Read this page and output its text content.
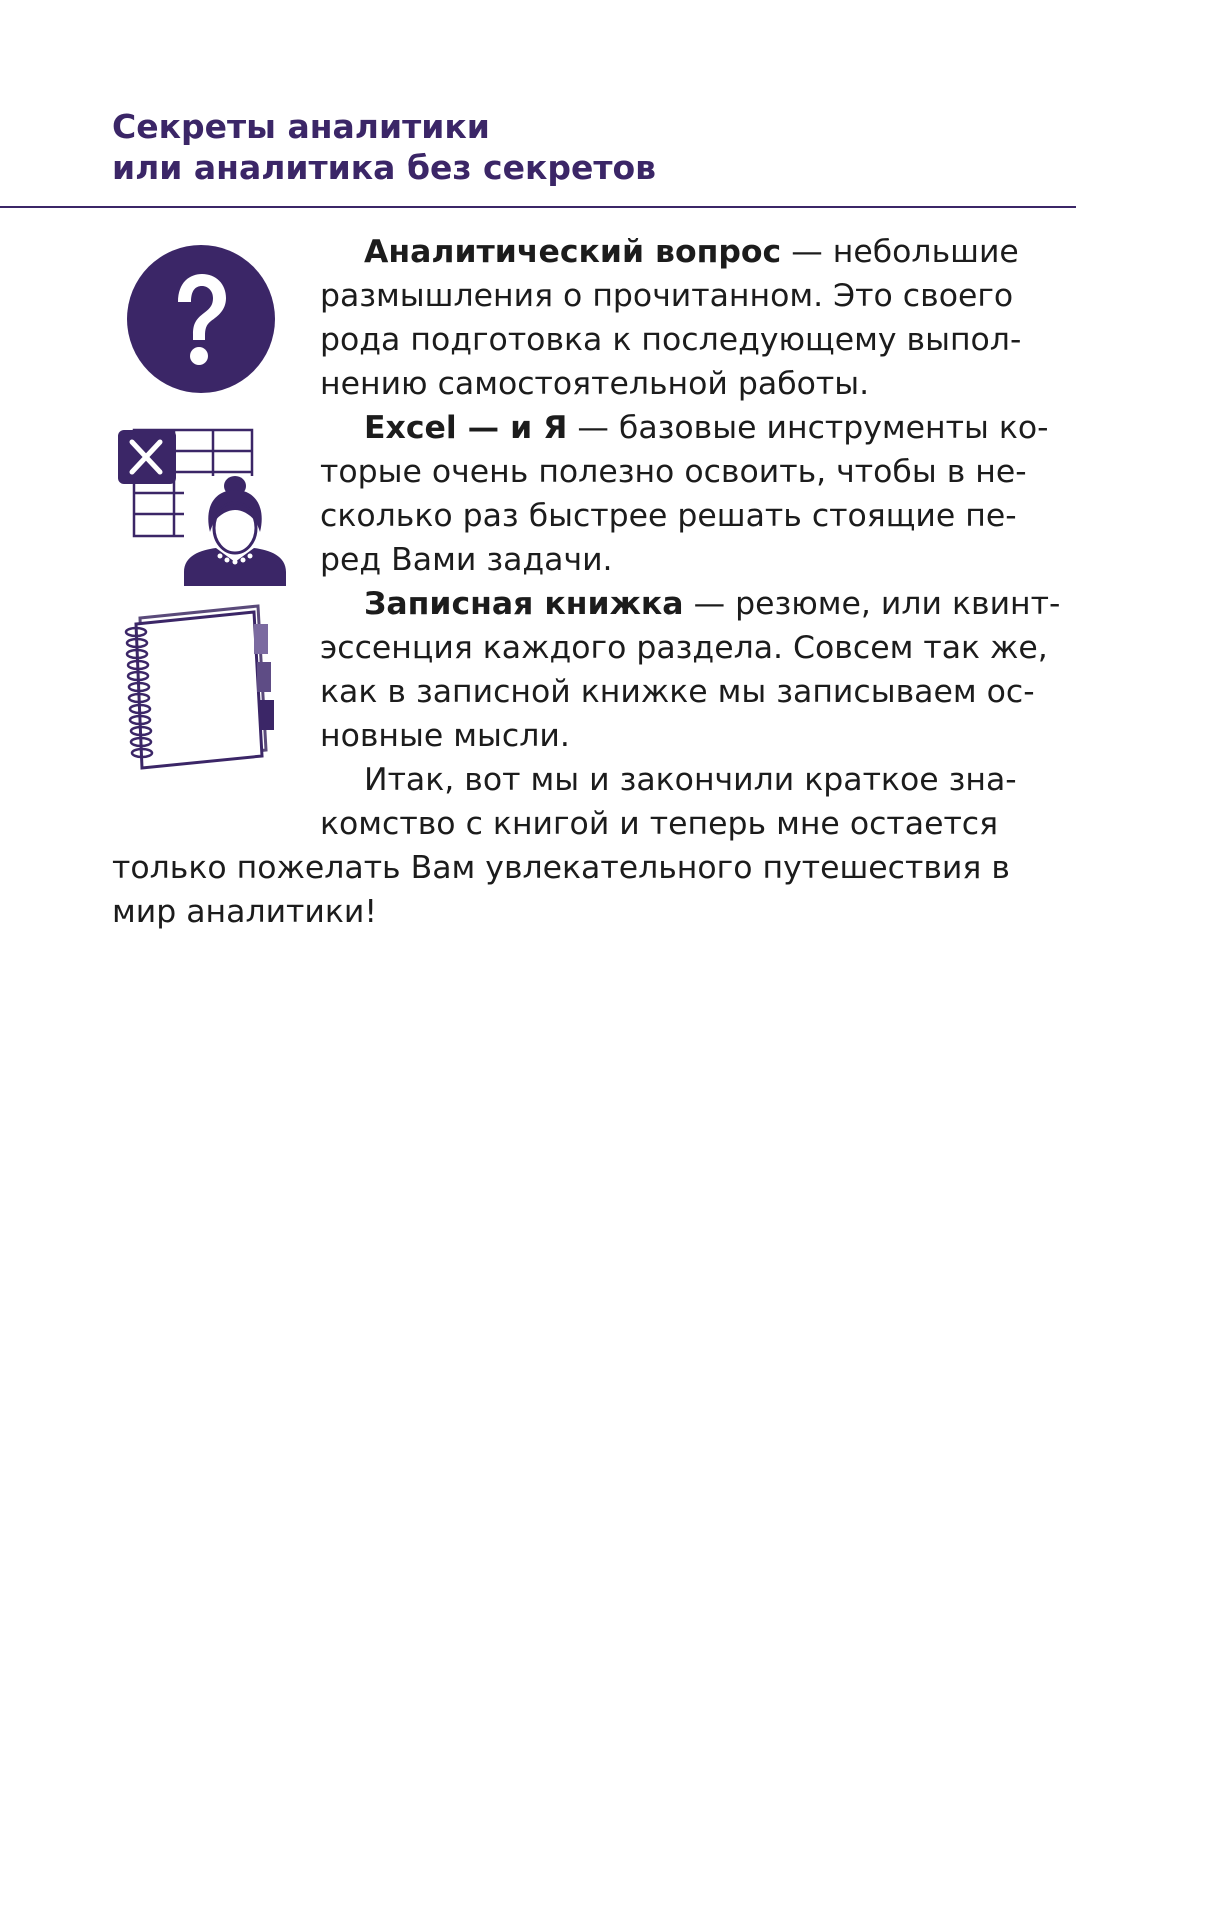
Секреты аналитики
или аналитика без секретов
Аналитический вопрос — небольшие
размышления о прочитанном. Это своего
рода подготовка к последующему выпол-
нению самостоятельной работы.
Excel — и Я — базовые инструменты ко-
торые очень полезно освоить, чтобы в не-
сколько раз быстрее решать стоящие пе-
ред Вами задачи.
Записная книжка — резюме, или квинт-
эссенция каждого раздела. Совсем так же,
как в записной книжке мы записываем ос-
новные мысли.
Итак, вот мы и закончили краткое зна-
комство с книгой и теперь мне остается
только пожелать Вам увлекательного путешествия в
мир аналитики!
